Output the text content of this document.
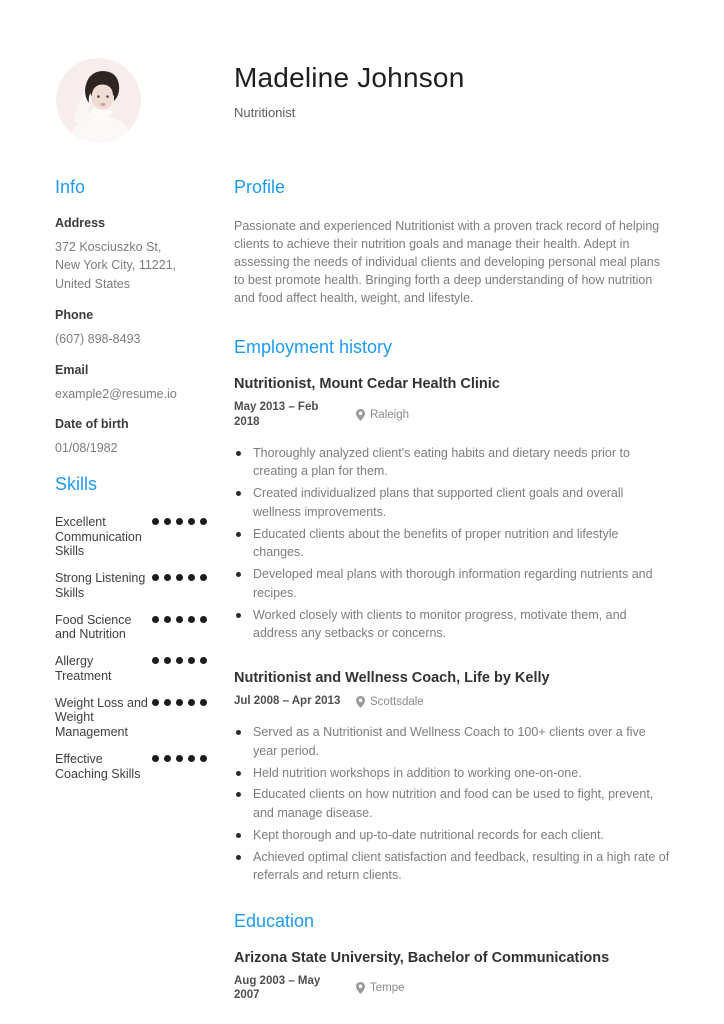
Madeline Johnson
Nutritionist
Info
Address
372 Kosciuszko St, New York City, 11221, United States
Phone
(607) 898-8493
Email
example2@resume.io
Date of birth
01/08/1982
Skills
Excellent Communication Skills
Strong Listening Skills
Food Science and Nutrition
Allergy Treatment
Weight Loss and Weight Management
Effective Coaching Skills
Profile

Passionate and experienced Nutritionist with a proven track record of helping clients to achieve their nutrition goals and manage their health. Adept in assessing the needs of individual clients and developing personal meal plans to best promote health. Bringing forth a deep understanding of how nutrition and food affect health, weight, and lifestyle.

Employment history
Nutritionist, Mount Cedar Health Clinic
May 2013 – Feb 2018
Raleigh
Thoroughly analyzed client's eating habits and dietary needs prior to creating a plan for them.
Created individualized plans that supported client goals and overall wellness improvements.
Educated clients about the benefits of proper nutrition and lifestyle changes.
Developed meal plans with thorough information regarding nutrients and recipes.
Worked closely with clients to monitor progress, motivate them, and address any setbacks or concerns.
Nutritionist and Wellness Coach, Life by Kelly
Jul 2008 – Apr 2013	Scottsdale
Served as a Nutritionist and Wellness Coach to 100+ clients over a five year period.
Held nutrition workshops in addition to working one-on-one.
Educated clients on how nutrition and food can be used to fight, prevent, and manage disease.
Kept thorough and up-to-date nutritional records for each client.
Achieved optimal client satisfaction and feedback, resulting in a high rate of referrals and return clients.
Education
Arizona State University, Bachelor of Communications
Aug 2003 – May 2007
Tempe
